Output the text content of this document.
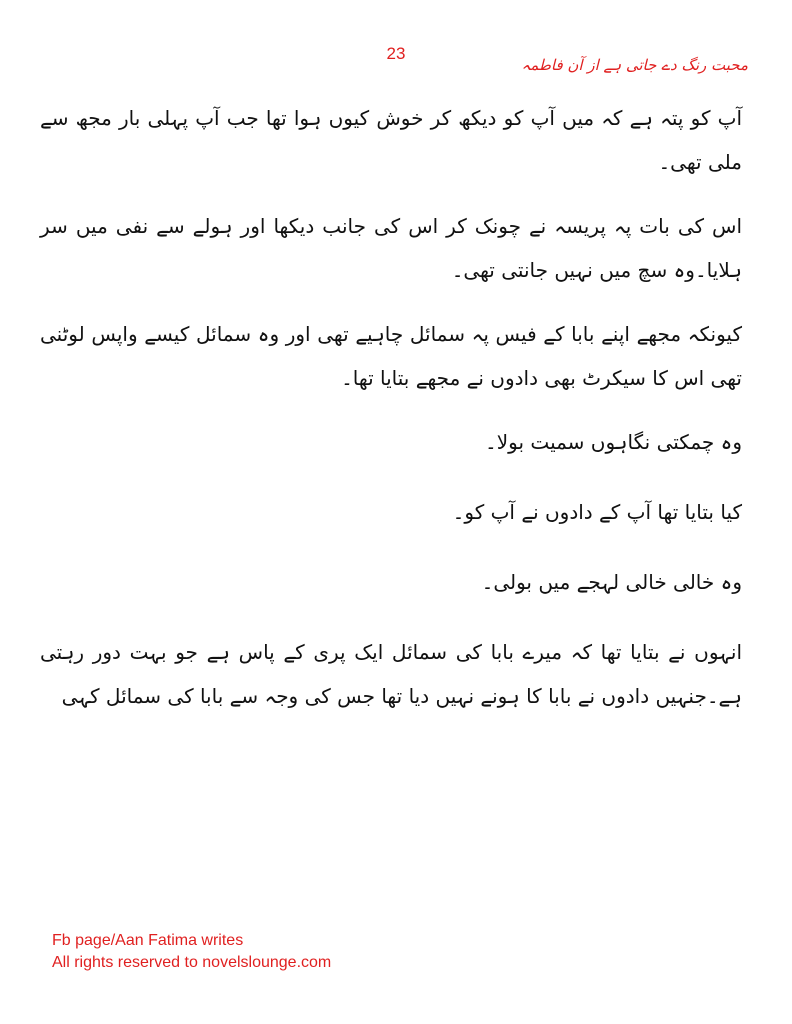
23
محبت رنگ دے جاتی ہے از آن فاطمہ

آپ کو پتہ ہے کہ میں آپ کو دیکھ کر خوش کیوں ہوا تھا جب آپ پہلی بار مجھ سے ملی تھی۔

اس کی بات پہ پریسہ نے چونک کر اس کی جانب دیکھا اور ہولے سے نفی میں سر ہلایا۔وہ سچ میں نہیں جانتی تھی۔

کیونکہ مجھے اپنے بابا کے فیس پہ سمائل چاہیے تھی اور وہ سمائل کیسے واپس لوٹنی تھی اس کا سیکرٹ بھی دادوں نے مجھے بتایا تھا۔

وہ چمکتی نگاہوں سمیت بولا۔

کیا بتایا تھا آپ کے دادوں نے آپ کو۔

وہ خالی خالی لہجے میں بولی۔

انہوں نے بتایا تھا کہ میرے بابا کی سمائل ایک پری کے پاس ہے جو بہت دور رہتی ہے۔جنہیں دادوں نے بابا کا ہونے نہیں دیا تھا جس کی وجہ سے بابا کی سمائل کہی

Fb page/Aan Fatima writes
All rights reserved to novelslounge.com
